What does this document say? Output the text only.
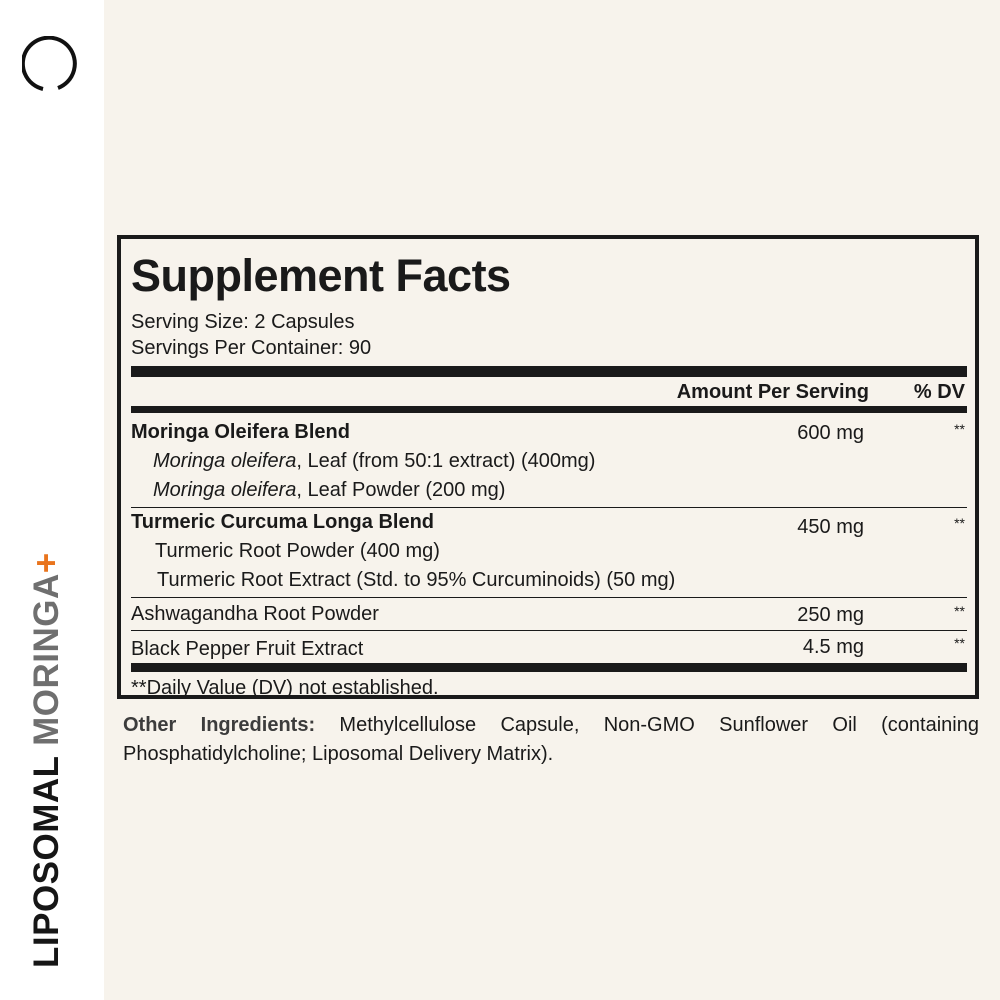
LIPOSOMAL MORINGA+
Supplement Facts
Serving Size: 2 Capsules
Servings Per Container: 90
Amount Per Serving % DV
Moringa Oleifera Blend	600 mg	**
Moringa oleifera, Leaf (from 50:1 extract) (400mg)
Moringa oleifera, Leaf Powder (200 mg)
Turmeric Curcuma Longa Blend	450 mg	**
Turmeric Root Powder (400 mg)
Turmeric Root Extract (Std. to 95% Curcuminoids) (50 mg)
Ashwagandha Root Powder	250 mg	**
Black Pepper Fruit Extract	4.5 mg	**
**Daily Value (DV) not established.
Other Ingredients: Methylcellulose Capsule, Non-GMO Sunflower Oil (containing Phosphatidylcholine; Liposomal Delivery Matrix).
